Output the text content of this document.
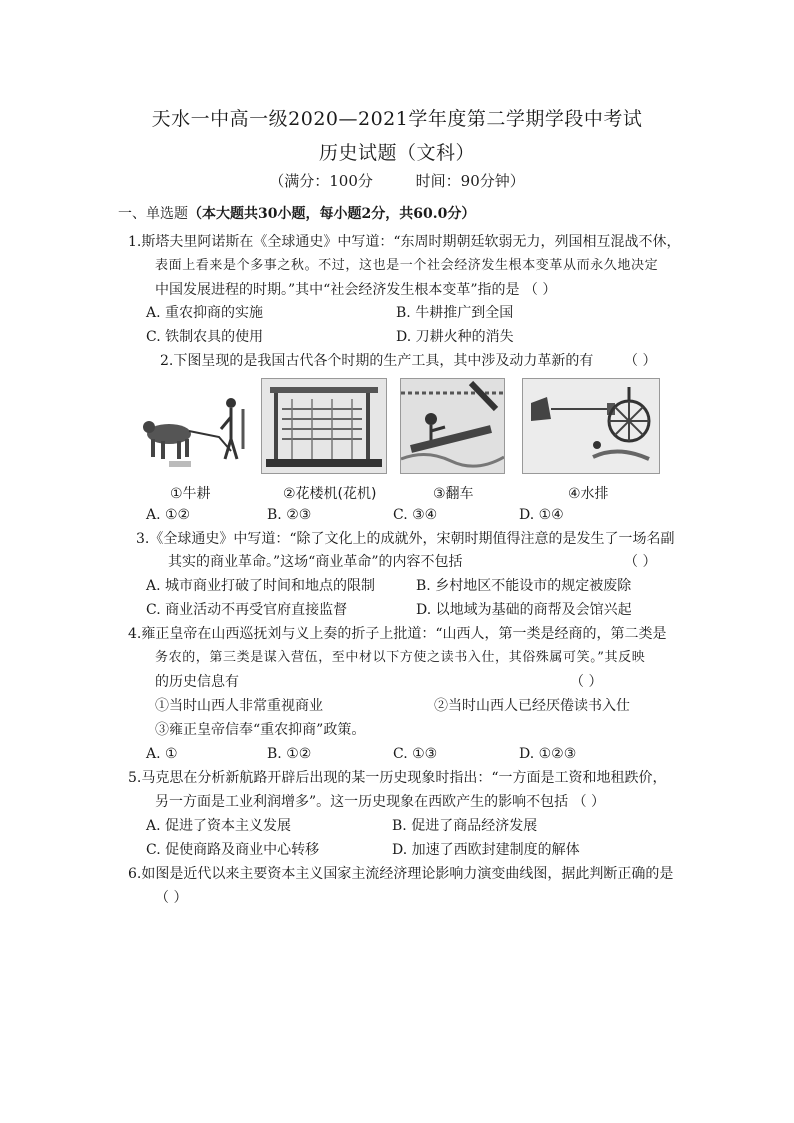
天水一中高一级2020—2021学年度第二学期学段中考试
历史试题（文科）
（满分：100分	时间：90分钟）
一、单选题（本大题共30小题，每小题2分，共60.0分）
1.斯塔夫里阿诺斯在《全球通史》中写道：“东周时期朝廷软弱无力，列国相互混战不休，
表面上看来是个多事之秋。不过，这也是一个社会经济发生根本变革从而永久地决定
中国发展进程的时期。”其中“社会经济发生根本变革”指的是 （ ）
A. 重农抑商的实施	B. 牛耕推广到全国
C. 铁制农具的使用	D. 刀耕火种的消失
2.下图呈现的是我国古代各个时期的生产工具，其中涉及动力革新的有 （ ）
①牛耕	②花楼机(花机)	③翻车	④水排
A. ①②	B. ②③	C. ③④	D. ①④
3.《全球通史》中写道：“除了文化上的成就外，宋朝时期值得注意的是发生了一场名副
其实的商业革命。”这场“商业革命”的内容不包括	（ ）
A. 城市商业打破了时间和地点的限制	B. 乡村地区不能设市的规定被废除
C. 商业活动不再受官府直接监督	D. 以地域为基础的商帮及会馆兴起
4.雍正皇帝在山西巡抚刘与义上奏的折子上批道：“山西人，第一类是经商的，第二类是
务农的，第三类是谋入营伍，至中材以下方使之读书入仕，其俗殊属可笑。”其反映
的历史信息有	（ ）
①当时山西人非常重视商业	②当时山西人已经厌倦读书入仕
③雍正皇帝信奉“重农抑商”政策。
A. ①	B. ①②	C. ①③	D. ①②③
5.马克思在分析新航路开辟后出现的某一历史现象时指出：“一方面是工资和地租跌价，
另一方面是工业利润增多”。这一历史现象在西欧产生的影响不包括 （ ）
A. 促进了资本主义发展	B. 促进了商品经济发展
C. 促使商路及商业中心转移	D. 加速了西欧封建制度的解体
6.如图是近代以来主要资本主义国家主流经济理论影响力演变曲线图，据此判断正确的是
（ ）
